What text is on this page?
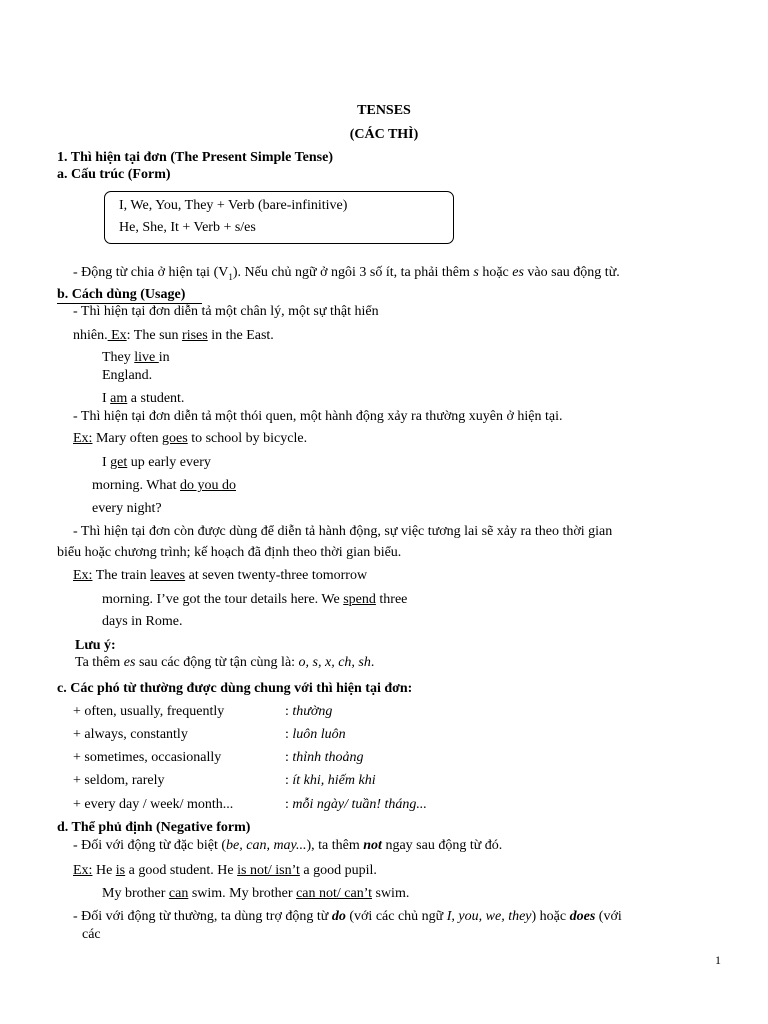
TENSES
(CÁC THÌ)
1. Thì hiện tại đơn (The Present Simple Tense)
a. Cấu trúc (Form)
I, We, You, They + Verb (bare-infinitive)
He, She, It + Verb + s/es
- Động từ chia ở hiện tại $(V_1)$. Nếu chủ ngữ ở ngôi 3 số ít, ta phải thêm s hoặc es vào sau động từ.
b. Cách dùng (Usage)
- Thì hiện tại đơn diễn tả một chân lý, một sự thật hiển
nhiên. Ex: The sun rises in the East.
They live in
England.
I am a student.
- Thì hiện tại đơn diễn tả một thói quen, một hành động xảy ra thường xuyên ở hiện tại.
Ex: Mary often goes to school by bicycle.
I get up early every
morning. What do you do
every night?
- Thì hiện tại đơn còn được dùng để diễn tả hành động, sự việc tương lai sẽ xảy ra theo thời gian
biểu hoặc chương trình; kế hoạch đã định theo thời gian biểu.
Ex: The train leaves at seven twenty-three tomorrow
morning. I’ve got the tour details here. We spend three
days in Rome.
Lưu ý:
Ta thêm es sau các động từ tận cùng là: o, s, x, ch, sh.
c. Các phó từ thường được dùng chung với thì hiện tại đơn:
+ often, usually, frequently	: thường
+ always, constantly	: luôn luôn
+ sometimes, occasionally	: thỉnh thoảng
+ seldom, rarely	: ít khi, hiếm khi
+ every day / week/ month...	: mỗi ngày/ tuần! tháng...
d. Thể phủ định (Negative form)
- Đối với động từ đặc biệt (be, can, may...), ta thêm not ngay sau động từ đó.
Ex: He is a good student. He is not/ isn’t a good pupil.
My brother can swim. My brother can not/ can’t swim.
- Đối với động từ thường, ta dùng trợ động từ do (với các chủ ngữ I, you, we, they) hoặc does (với
các
1
